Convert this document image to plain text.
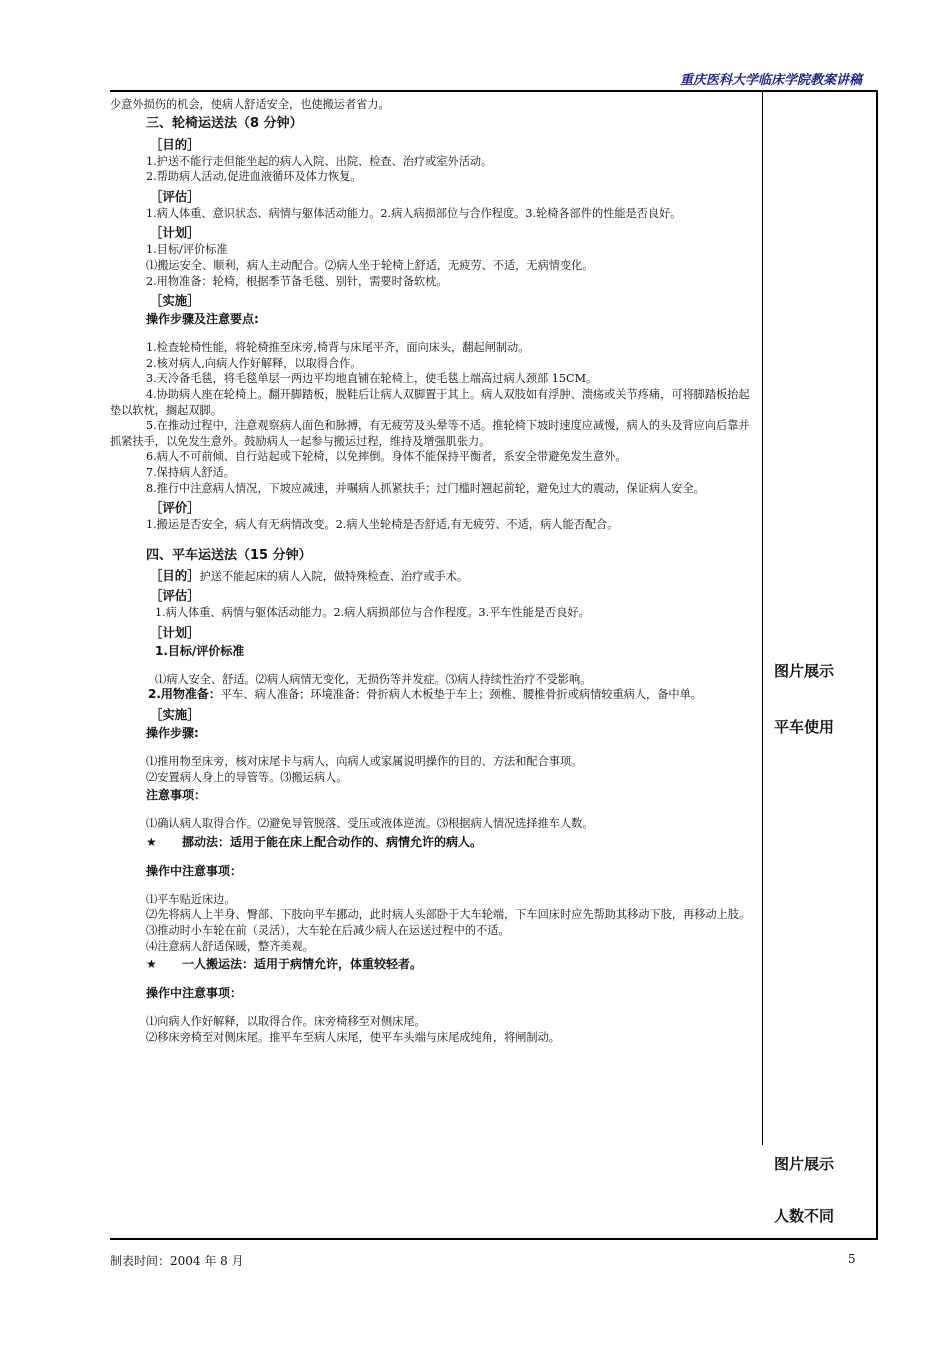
重庆医科大学临床学院教案讲稿

少意外损伤的机会，使病人舒适安全，也使搬运者省力。

三、轮椅运送法（8 分钟）

［目的］

1.护送不能行走但能坐起的病人入院、出院、检查、治疗或室外活动。

2.帮助病人活动,促进血液循环及体力恢复。

［评估］

1.病人体重、意识状态、病情与躯体活动能力。2.病人病损部位与合作程度。3.轮椅各部件的性能是否良好。

［计划］

1.目标/评价标准

⑴搬运安全、顺利，病人主动配合。⑵病人坐于轮椅上舒适，无疲劳、不适，无病情变化。

2.用物准备：轮椅，根据季节备毛毯、别针，需要时备软枕。

［实施］

操作步骤及注意要点:

1.检查轮椅性能，将轮椅推至床旁,椅背与床尾平齐，面向床头，翻起闸制动。

2.核对病人,向病人作好解释，以取得合作。

3.天冷备毛毯，将毛毯单层一两边平均地直铺在轮椅上，使毛毯上端高过病人颈部 15CM。

4.协助病人座在轮椅上。翻开脚踏板，脱鞋后让病人双脚置于其上。病人双肢如有浮肿、溃疡或关节疼痛，可将脚踏板抬起垫以软枕，搁起双脚。

5.在推动过程中，注意观察病人面色和脉搏，有无疲劳及头晕等不适。推轮椅下坡时速度应减慢，病人的头及背应向后靠并抓紧扶手，以免发生意外。鼓励病人一起参与搬运过程，维持及增强肌张力。

6.病人不可前倾、自行站起或下轮椅，以免摔倒。身体不能保持平衡者，系安全带避免发生意外。

7.保持病人舒适。

8.推行中注意病人情况，下坡应减速，并嘱病人抓紧扶手；过门槛时翘起前轮，避免过大的震动，保证病人安全。

［评价］

1.搬运是否安全，病人有无病情改变。2.病人坐轮椅是否舒适,有无疲劳、不适，病人能否配合。

四、平车运送法（15 分钟）

［目的］护送不能起床的病人入院，做特殊检查、治疗或手术。

［评估］

1.病人体重、病情与躯体活动能力。2.病人病损部位与合作程度。3.平车性能是否良好。

［计划］

1.目标/评价标准

⑴病人安全、舒适。⑵病人病情无变化，无损伤等并发症。⑶病人持续性治疗不受影响。

2.用物准备：平车、病人准备；环境准备：骨折病人木板垫于车上；颈椎、腰椎骨折或病情较重病人，备中单。

［实施］

操作步骤:

⑴推用物至床旁，核对床尾卡与病人，向病人或家属说明操作的目的、方法和配合事项。

⑵安置病人身上的导管等。⑶搬运病人。

注意事项：

⑴确认病人取得合作。⑵避免导管脱落、受压或液体逆流。⑶根据病人情况选择推车人数。

★ 挪动法：适用于能在床上配合动作的、病情允许的病人。

操作中注意事项：

⑴平车贴近床边。

⑵先将病人上半身、臀部、下肢向平车挪动，此时病人头部卧于大车轮端，下车回床时应先帮助其移动下肢，再移动上肢。

⑶推动时小车轮在前（灵活），大车轮在后减少病人在运送过程中的不适。

⑷注意病人舒适保暖，整齐美观。

★ 一人搬运法：适用于病情允许，体重较轻者。

操作中注意事项：

⑴向病人作好解释，以取得合作。床旁椅移至对侧床尾。

⑵移床旁椅至对侧床尾。推平车至病人床尾，使平车头端与床尾成纯角，将闸制动。

图片展示
平车使用
图片展示
人数不同
制表时间：2004 年 8 月	5
